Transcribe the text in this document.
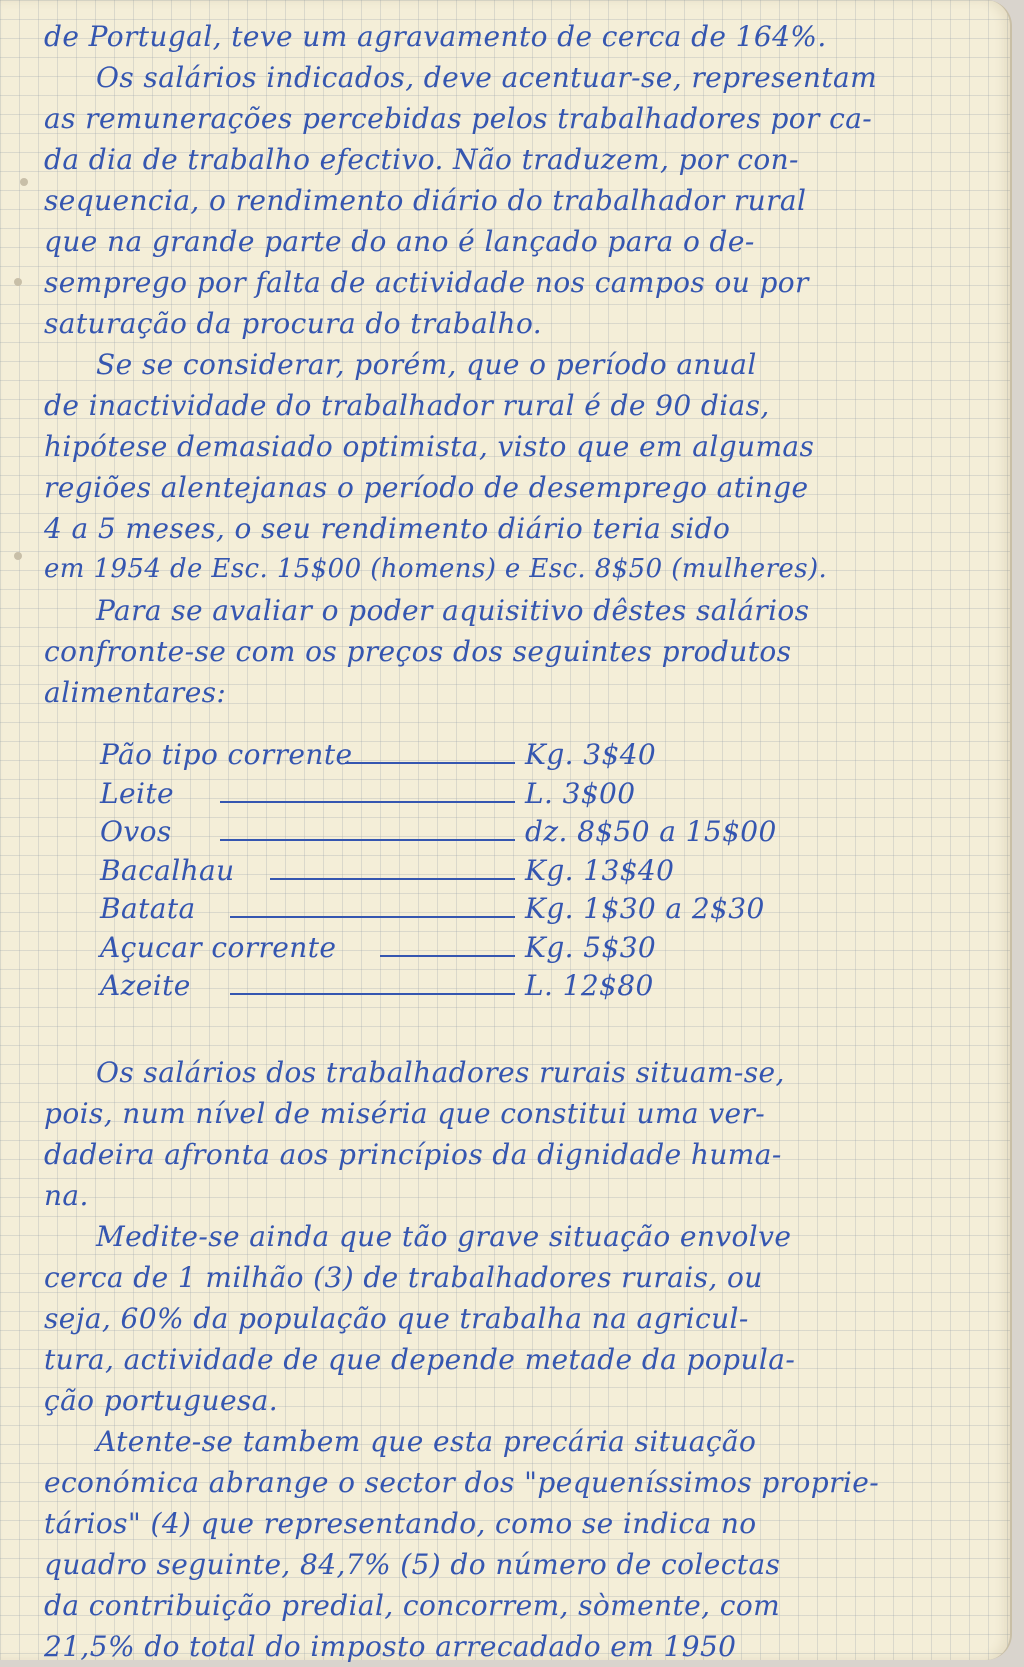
de Portugal, teve um agravamento de cerca de 164%.
Os salários indicados, deve acentuar-se, representam
as remunerações percebidas pelos trabalhadores por ca-
da dia de trabalho efectivo. Não traduzem, por con-
sequencia, o rendimento diário do trabalhador rural
que na grande parte do ano é lançado para o de-
semprego por falta de actividade nos campos ou por
saturação da procura do trabalho.
Se se considerar, porém, que o período anual
de inactividade do trabalhador rural é de 90 dias,
hipótese demasiado optimista, visto que em algumas
regiões alentejanas o período de desemprego atinge
4 a 5 meses, o seu rendimento diário teria sido
em 1954 de Esc. 15$00 (homens) e Esc. 8$50 (mulheres).
Para se avaliar o poder aquisitivo dêstes salários
confronte-se com os preços dos seguintes produtos
alimentares:
Pão tipo corrente	Kg. 3$40
Leite	L. 3$00
Ovos	dz. 8$50 a 15$00
Bacalhau	Kg. 13$40
Batata	Kg. 1$30 a 2$30
Açucar corrente	Kg. 5$30
Azeite	L. 12$80
Os salários dos trabalhadores rurais situam-se,
pois, num nível de miséria que constitui uma ver-
dadeira afronta aos princípios da dignidade huma-
na.
Medite-se ainda que tão grave situação envolve
cerca de 1 milhão (3) de trabalhadores rurais, ou
seja, 60% da população que trabalha na agricul-
tura, actividade de que depende metade da popula-
ção portuguesa.
Atente-se tambem que esta precária situação
económica abrange o sector dos "pequeníssimos proprie-
tários" (4) que representando, como se indica no
quadro seguinte, 84,7% (5) do número de colectas
da contribuição predial, concorrem, sòmente, com
21,5% do total do imposto arrecadado em 1950
